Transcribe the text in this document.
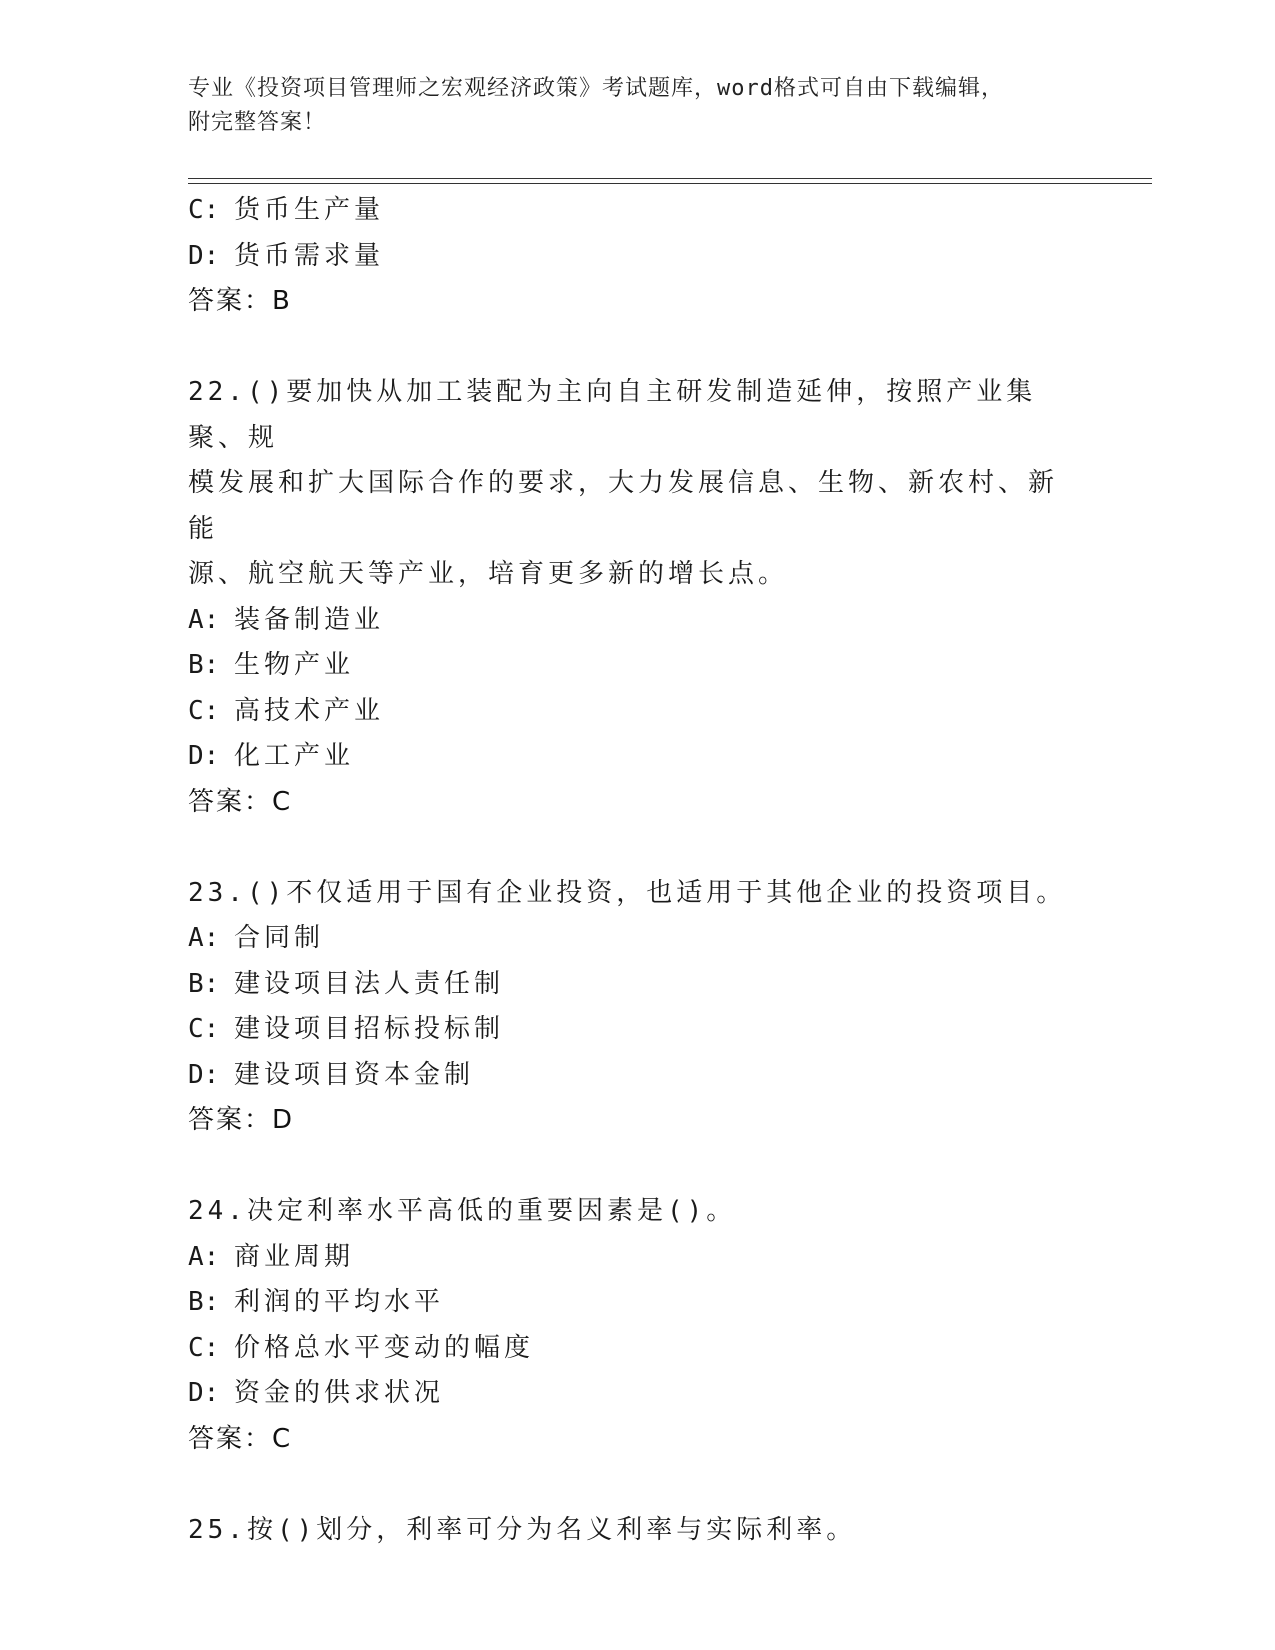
专业《投资项目管理师之宏观经济政策》考试题库，word格式可自由下载编辑，
附完整答案！
C: 货币生产量
D: 货币需求量
答案：B
22.()要加快从加工装配为主向自主研发制造延伸，按照产业集聚、规
模发展和扩大国际合作的要求，大力发展信息、生物、新农村、新能
源、航空航天等产业，培育更多新的增长点。
A: 装备制造业
B: 生物产业
C: 高技术产业
D: 化工产业
答案：C
23.()不仅适用于国有企业投资，也适用于其他企业的投资项目。
A: 合同制
B: 建设项目法人责任制
C: 建设项目招标投标制
D: 建设项目资本金制
答案：D
24.决定利率水平高低的重要因素是()。
A: 商业周期
B: 利润的平均水平
C: 价格总水平变动的幅度
D: 资金的供求状况
答案：C
25.按()划分，利率可分为名义利率与实际利率。
